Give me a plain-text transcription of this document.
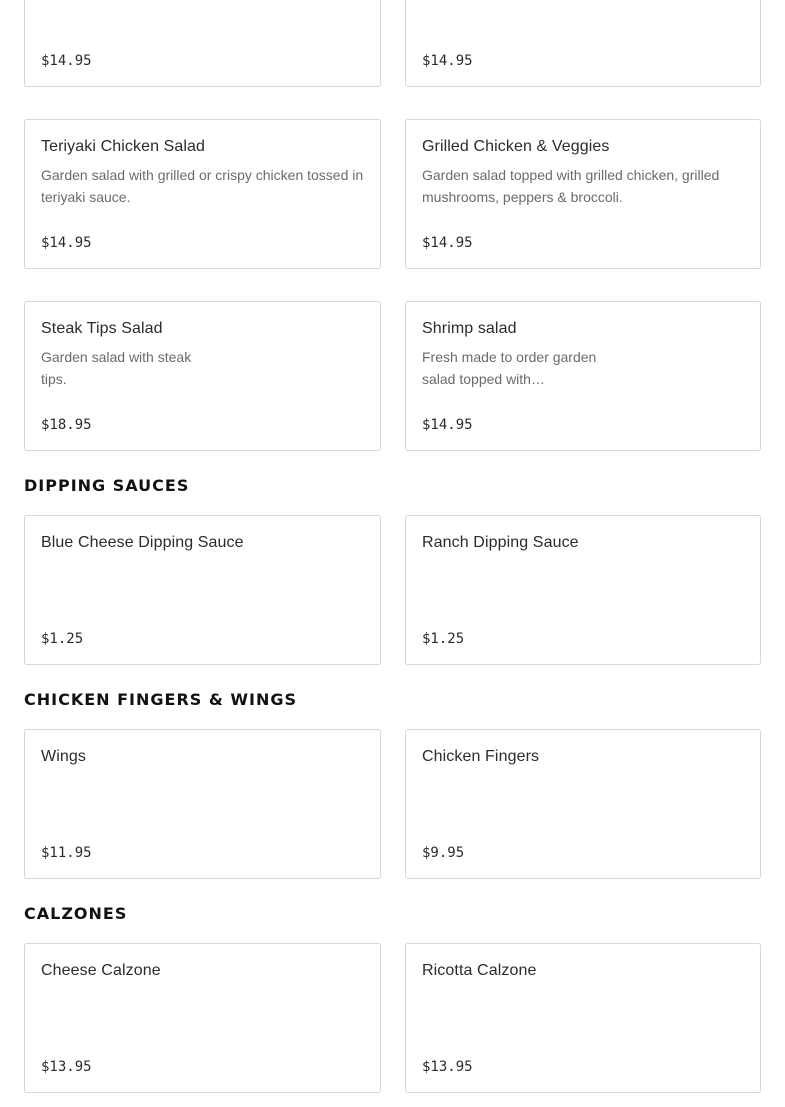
$14.95	$14.95
Teriyaki Chicken Salad
Garden salad with grilled or crispy chicken tossed in teriyaki sauce.
$14.95
Grilled Chicken & Veggies
Garden salad topped with grilled chicken, grilled mushrooms, peppers & broccoli.
$14.95
Steak Tips Salad
Garden salad with steak tips.
$18.95
Shrimp salad
Fresh made to order garden salad topped with…
$14.95
DIPPING SAUCES
Blue Cheese Dipping Sauce
$1.25
Ranch Dipping Sauce
$1.25
CHICKEN FINGERS & WINGS
Wings
$11.95
Chicken Fingers
$9.95
CALZONES
Cheese Calzone
$13.95
Ricotta Calzone
$13.95
